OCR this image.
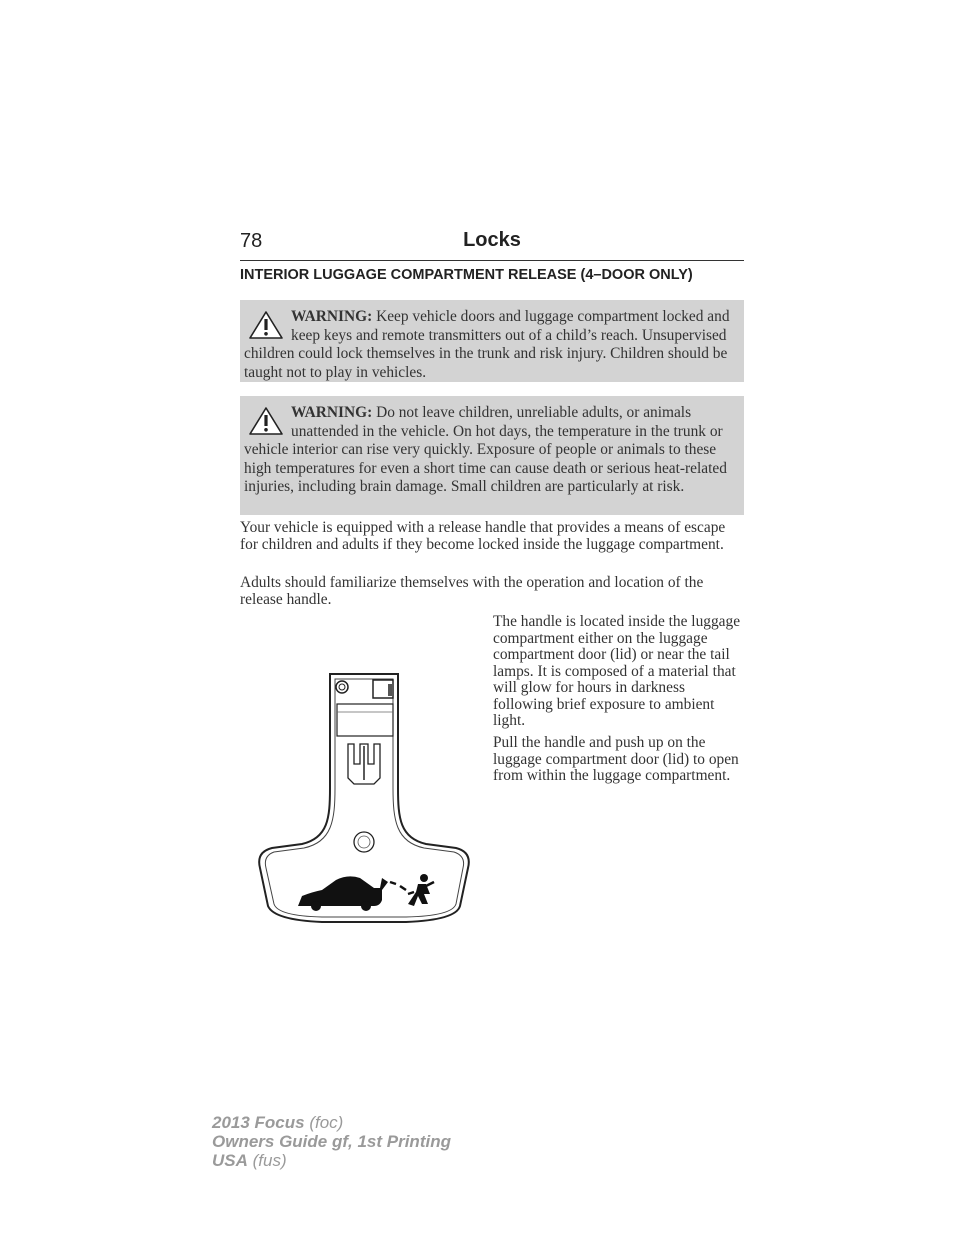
78	Locks
INTERIOR LUGGAGE COMPARTMENT RELEASE (4–DOOR ONLY)
WARNING: Keep vehicle doors and luggage compartment locked and keep keys and remote transmitters out of a child’s reach. Unsupervised children could lock themselves in the trunk and risk injury. Children should be taught not to play in vehicles.
WARNING: Do not leave children, unreliable adults, or animals unattended in the vehicle. On hot days, the temperature in the trunk or vehicle interior can rise very quickly. Exposure of people or animals to these high temperatures for even a short time can cause death or serious heat-related injuries, including brain damage. Small children are particularly at risk.
Your vehicle is equipped with a release handle that provides a means of escape for children and adults if they become locked inside the luggage compartment.
Adults should familiarize themselves with the operation and location of the release handle.
The handle is located inside the luggage compartment either on the luggage compartment door (lid) or near the tail lamps. It is composed of a material that will glow for hours in darkness following brief exposure to ambient light.
Pull the handle and push up on the luggage compartment door (lid) to open from within the luggage compartment.
2013 Focus (foc)
Owners Guide gf, 1st Printing
USA (fus)
